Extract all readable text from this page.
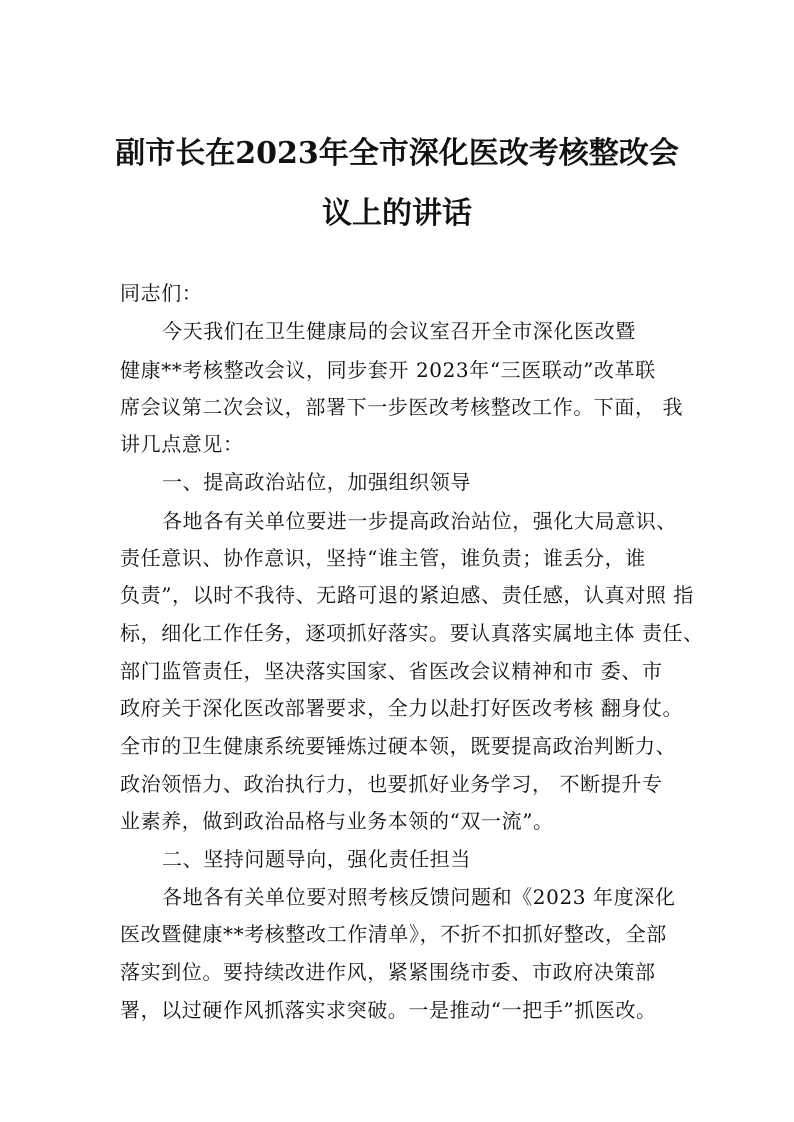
副市长在2023年全市深化医改考核整改会
议上的讲话
同志们：
今天我们在卫生健康局的会议室召开全市深化医改暨
健康**考核整改会议，同步套开 2023年“三医联动”改革联
席会议第二次会议，部署下一步医改考核整改工作。下面， 我
讲几点意见：
一、提高政治站位，加强组织领导
各地各有关单位要进一步提高政治站位，强化大局意识、
责任意识、协作意识，坚持“谁主管，谁负责；谁丢分，谁
负责”，以时不我待、无路可退的紧迫感、责任感，认真对照 指
标，细化工作任务，逐项抓好落实。要认真落实属地主体 责任、
部门监管责任，坚决落实国家、省医改会议精神和市 委、市
政府关于深化医改部署要求，全力以赴打好医改考核 翻身仗。
全市的卫生健康系统要锤炼过硬本领，既要提高政治判断力、
政治领悟力、政治执行力，也要抓好业务学习， 不断提升专
业素养，做到政治品格与业务本领的“双一流”。
二、坚持问题导向，强化责任担当
各地各有关单位要对照考核反馈问题和《2023 年度深化
医改暨健康**考核整改工作清单》，不折不扣抓好整改，全部
落实到位。要持续改进作风，紧紧围绕市委、市政府决策部
署，以过硬作风抓落实求突破。一是推动“一把手”抓医改。
